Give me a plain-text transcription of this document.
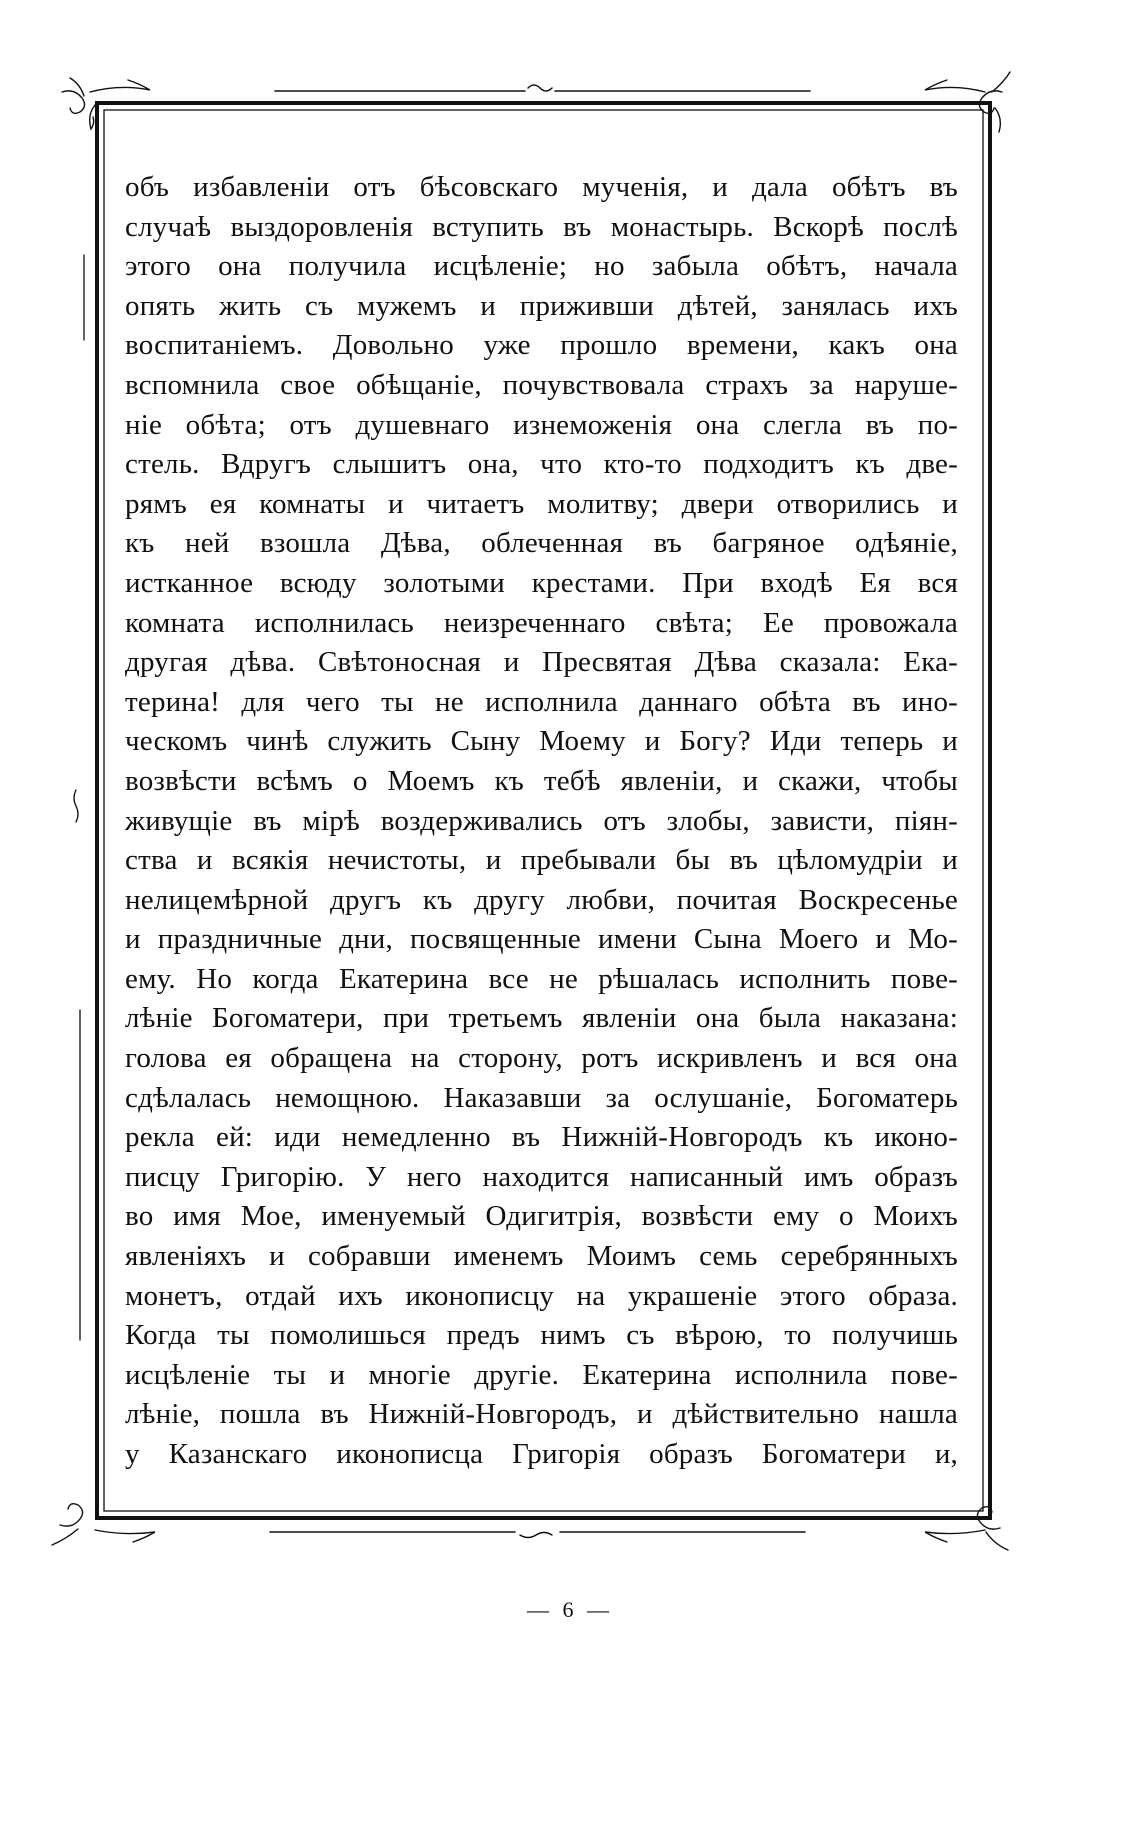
объ избавленіи отъ бѣсовскаго мученія, и дала обѣтъ въ
случаѣ выздоровленія вступить въ монастырь. Вскорѣ послѣ
этого она получила исцѣленіе; но забыла обѣтъ, начала
опять жить съ мужемъ и приживши дѣтей, занялась ихъ
воспитаніемъ. Довольно уже прошло времени, какъ она
вспомнила свое обѣщаніе, почувствовала страхъ за наруше-
ніе обѣта; отъ душевнаго изнеможенія она слегла въ по-
стель. Вдругъ слышитъ она, что кто-то подходитъ къ две-
рямъ ея комнаты и читаетъ молитву; двери отворились и
къ ней взошла Дѣва, облеченная въ багряное одѣяніе,
истканное всюду золотыми крестами. При входѣ Ея вся
комната исполнилась неизреченнаго свѣта; Ее провожала
другая дѣва. Свѣтоносная и Пресвятая Дѣва сказала: Ека-
терина! для чего ты не исполнила даннаго обѣта въ ино-
ческомъ чинѣ служить Сыну Моему и Богу? Иди теперь и
возвѣсти всѣмъ о Моемъ къ тебѣ явленіи, и скажи, чтобы
живущіе въ мірѣ воздерживались отъ злобы, зависти, піян-
ства и всякія нечистоты, и пребывали бы въ цѣломудріи и
нелицемѣрной другъ къ другу любви, почитая Воскресенье
и праздничные дни, посвященные имени Сына Моего и Мо-
ему. Но когда Екатерина все не рѣшалась исполнить пове-
лѣніе Богоматери, при третьемъ явленіи она была наказана:
голова ея обращена на сторону, ротъ искривленъ и вся она
сдѣлалась немощною. Наказавши за ослушаніе, Богоматерь
рекла ей: иди немедленно въ Нижній-Новгородъ къ иконо-
писцу Григорію. У него находится написанный имъ образъ
во имя Мое, именуемый Одигитрія, возвѣсти ему о Моихъ
явленіяхъ и собравши именемъ Моимъ семь серебрянныхъ
монетъ, отдай ихъ иконописцу на украшеніе этого образа.
Когда ты помолишься предъ нимъ съ вѣрою, то получишь
исцѣленіе ты и многіе другіе. Екатерина исполнила пове-
лѣніе, пошла въ Нижній-Новгородъ, и дѣйствительно нашла
у Казанскаго иконописца Григорія образъ Богоматери и,
— 6 —
